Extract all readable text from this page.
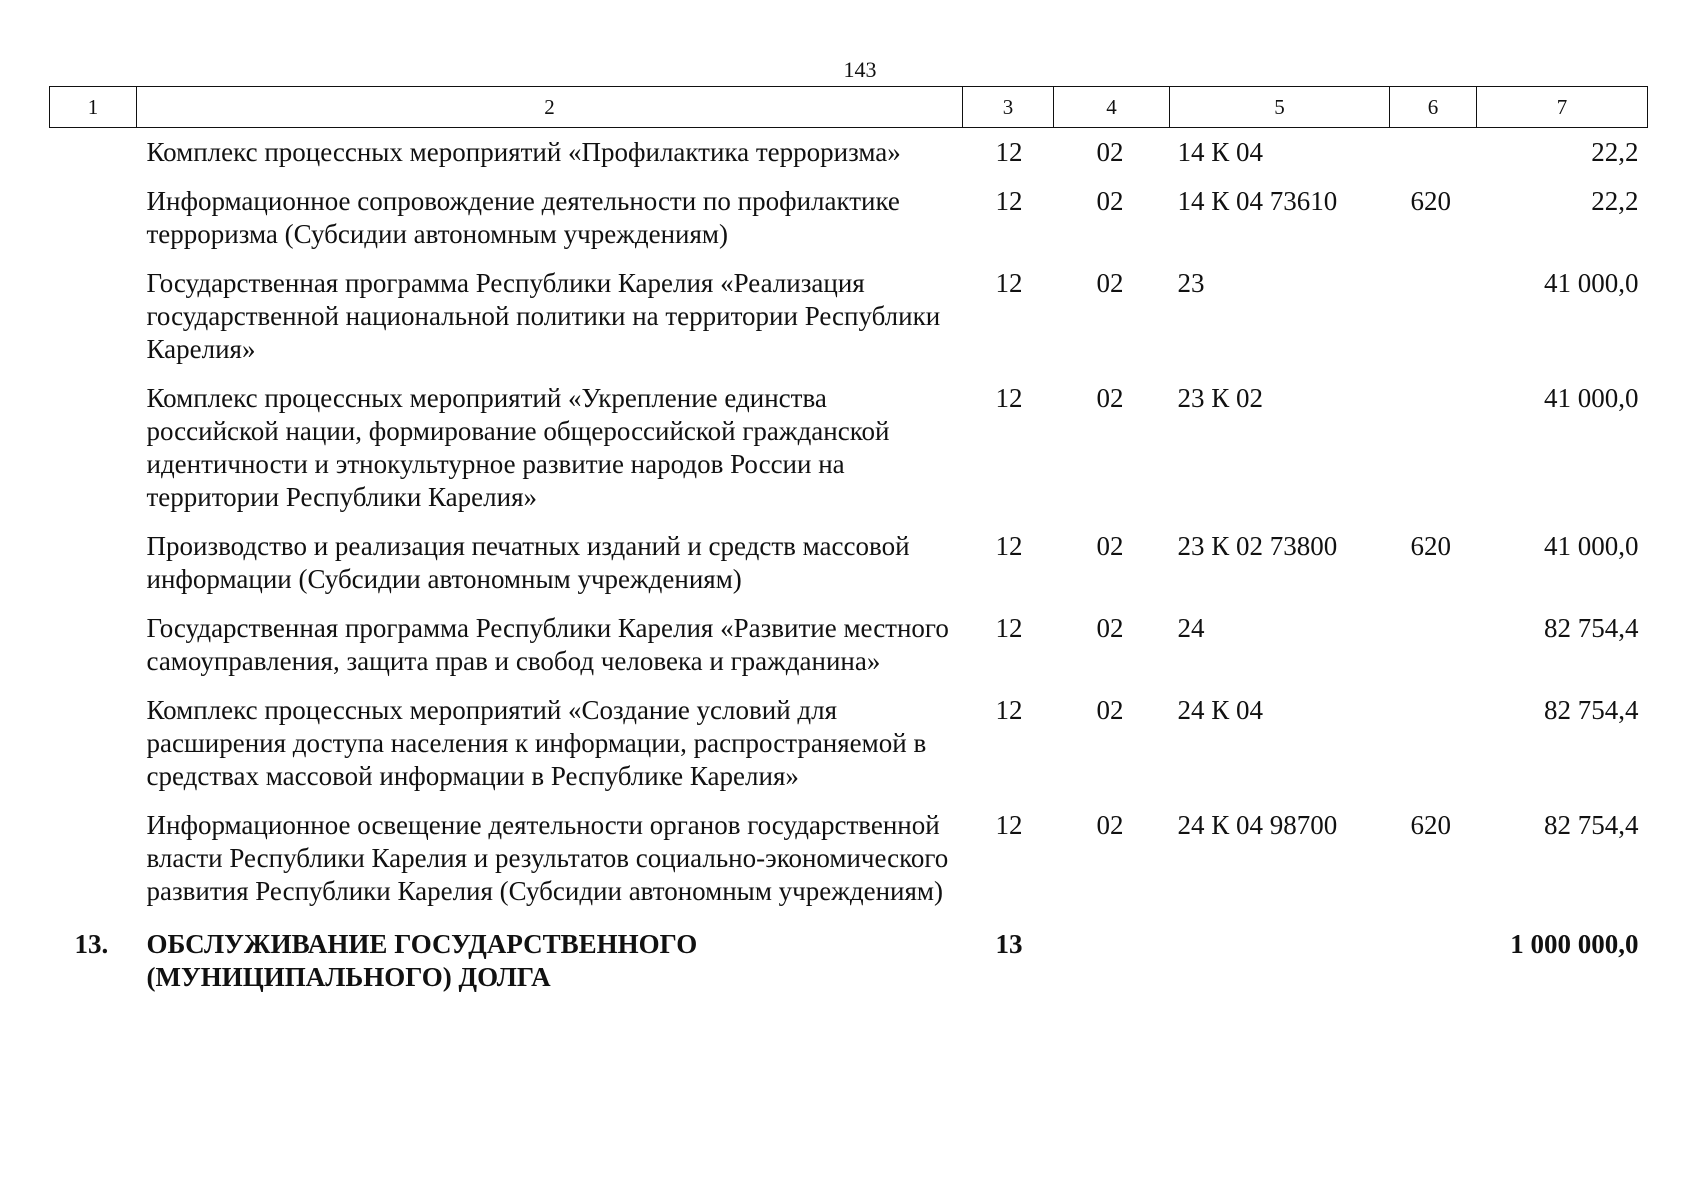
143
1	2	3	4	5	6	7
	Комплекс процессных мероприятий «Профилактика терроризма»	12	02	14 К 04		22,2
	Информационное сопровождение деятельности по профилактике терроризма (Субсидии автономным учреждениям)	12	02	14 К 04 73610	620	22,2
	Государственная программа Республики Карелия «Реализация государственной национальной политики на территории Республики Карелия»	12	02	23		41 000,0
	Комплекс процессных мероприятий «Укрепление единства российской нации, формирование общероссийской гражданской идентичности и этнокультурное развитие народов России на территории Республики Карелия»	12	02	23 К 02		41 000,0
	Производство и реализация печатных изданий и средств массовой информации (Субсидии автономным учреждениям)	12	02	23 К 02 73800	620	41 000,0
	Государственная программа Республики Карелия «Развитие местного самоуправления, защита прав и свобод человека и гражданина»	12	02	24		82 754,4
	Комплекс процессных мероприятий «Создание условий для расширения доступа населения к информации, распространяемой в средствах массовой информации в Республике Карелия»	12	02	24 К 04		82 754,4
	Информационное освещение деятельности органов государственной власти Республики Карелия и результатов социально-экономического развития Республики Карелия (Субсидии автономным учреждениям)	12	02	24 К 04 98700	620	82 754,4
13.	ОБСЛУЖИВАНИЕ ГОСУДАРСТВЕННОГО (МУНИЦИПАЛЬНОГО) ДОЛГА	13				1 000 000,0
